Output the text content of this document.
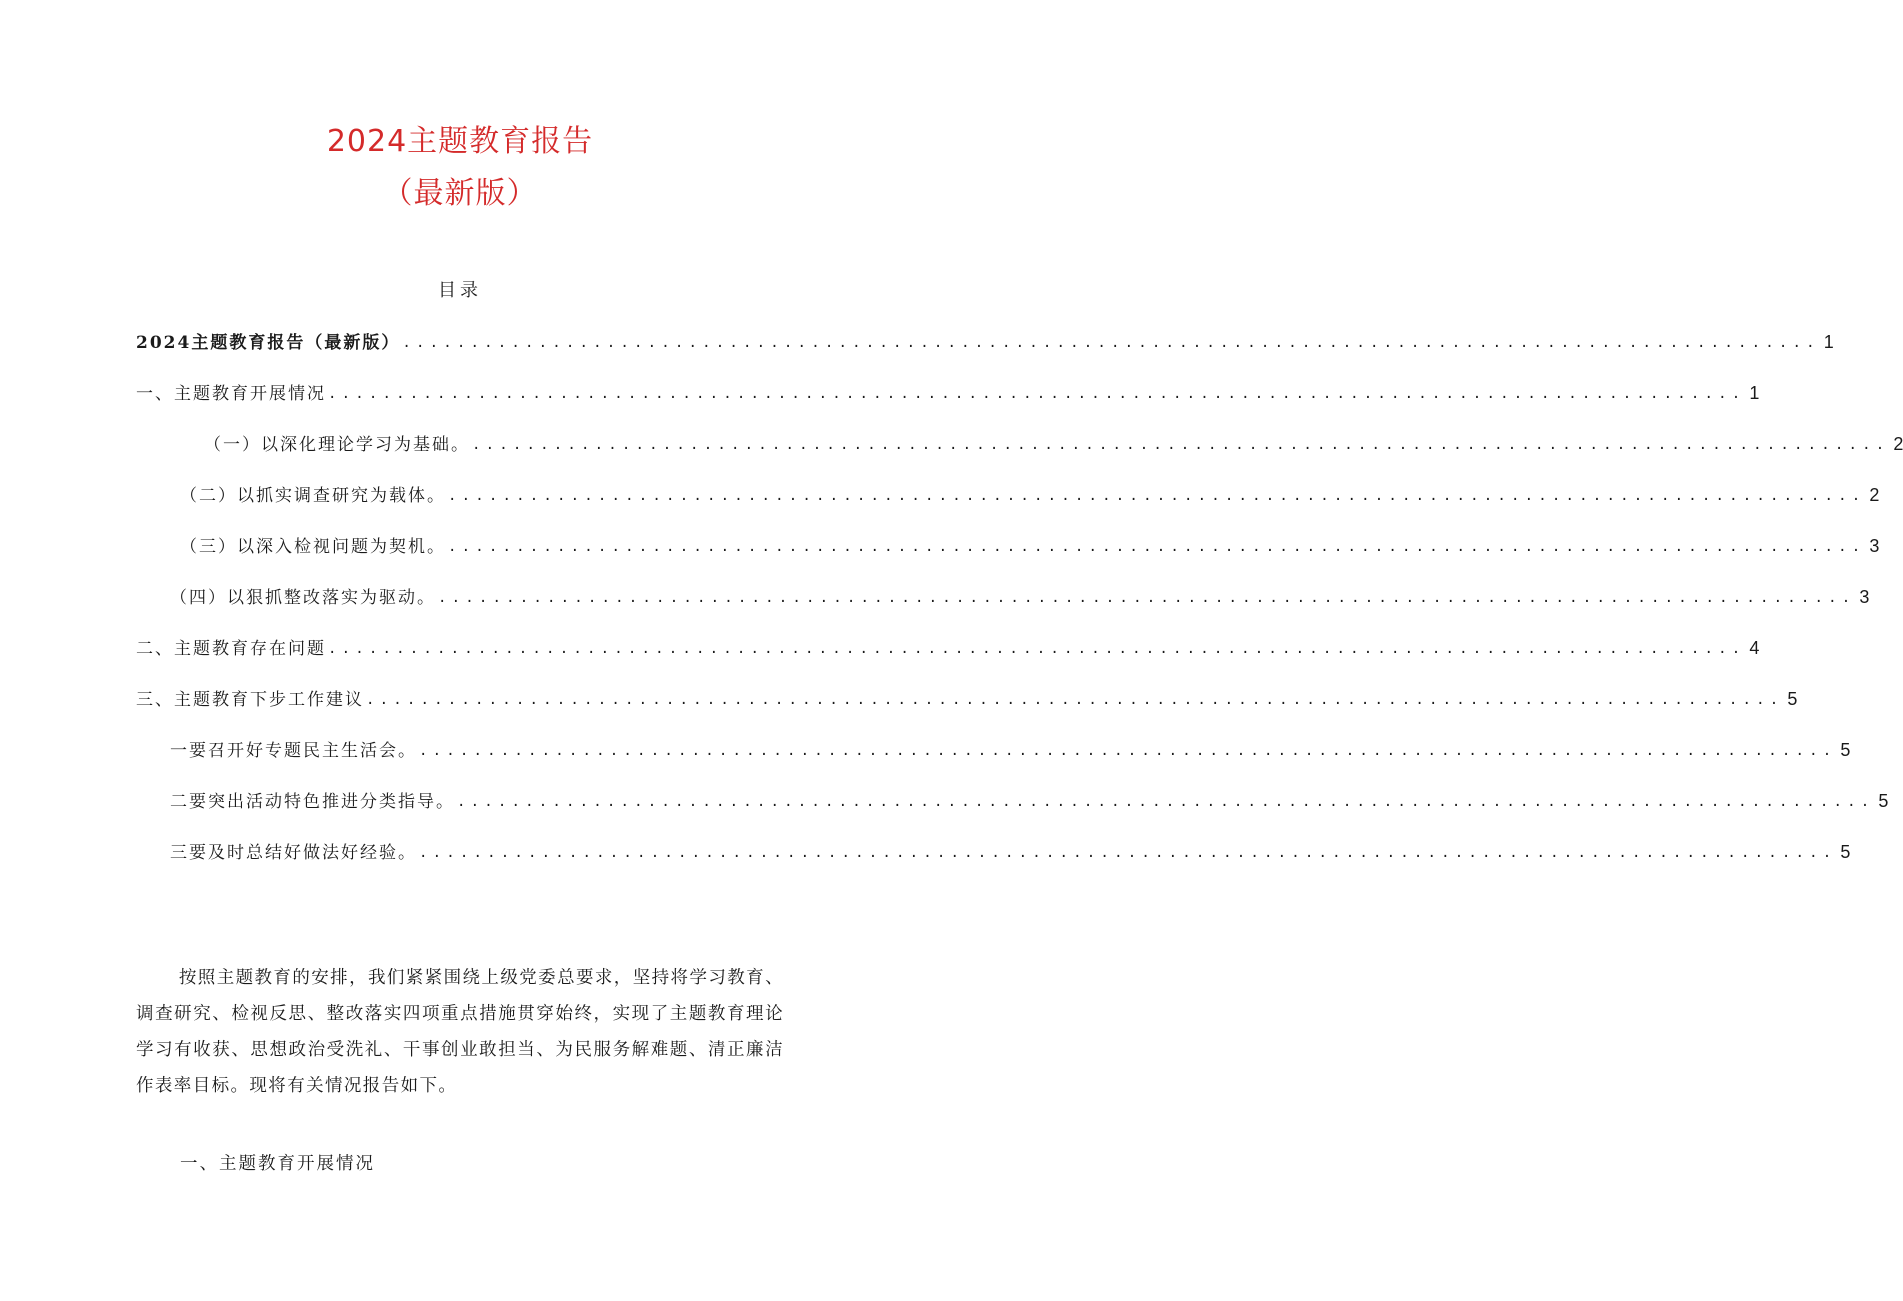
2024主题教育报告
（最新版）
目录
2024主题教育报告（最新版） ........................................................................................................ 1
一、主题教育开展情况 ........................................................................................................ 1
（一）以深化理论学习为基础。 ........................................................................................................ 2
（二）以抓实调查研究为载体。 ........................................................................................................ 2
（三）以深入检视问题为契机。 ........................................................................................................ 3
（四）以狠抓整改落实为驱动。 ........................................................................................................ 3
二、主题教育存在问题 ........................................................................................................ 4
三、主题教育下步工作建议 ........................................................................................................ 5
一要召开好专题民主生活会。 ........................................................................................................ 5
二要突出活动特色推进分类指导。 ........................................................................................................ 5
三要及时总结好做法好经验。 ........................................................................................................ 5

按照主题教育的安排，我们紧紧围绕上级党委总要求，坚持将学习教育、调查研究、检视反思、整改落实四项重点措施贯穿始终，实现了主题教育理论学习有收获、思想政治受洗礼、干事创业敢担当、为民服务解难题、清正廉洁作表率目标。现将有关情况报告如下。

一、主题教育开展情况
